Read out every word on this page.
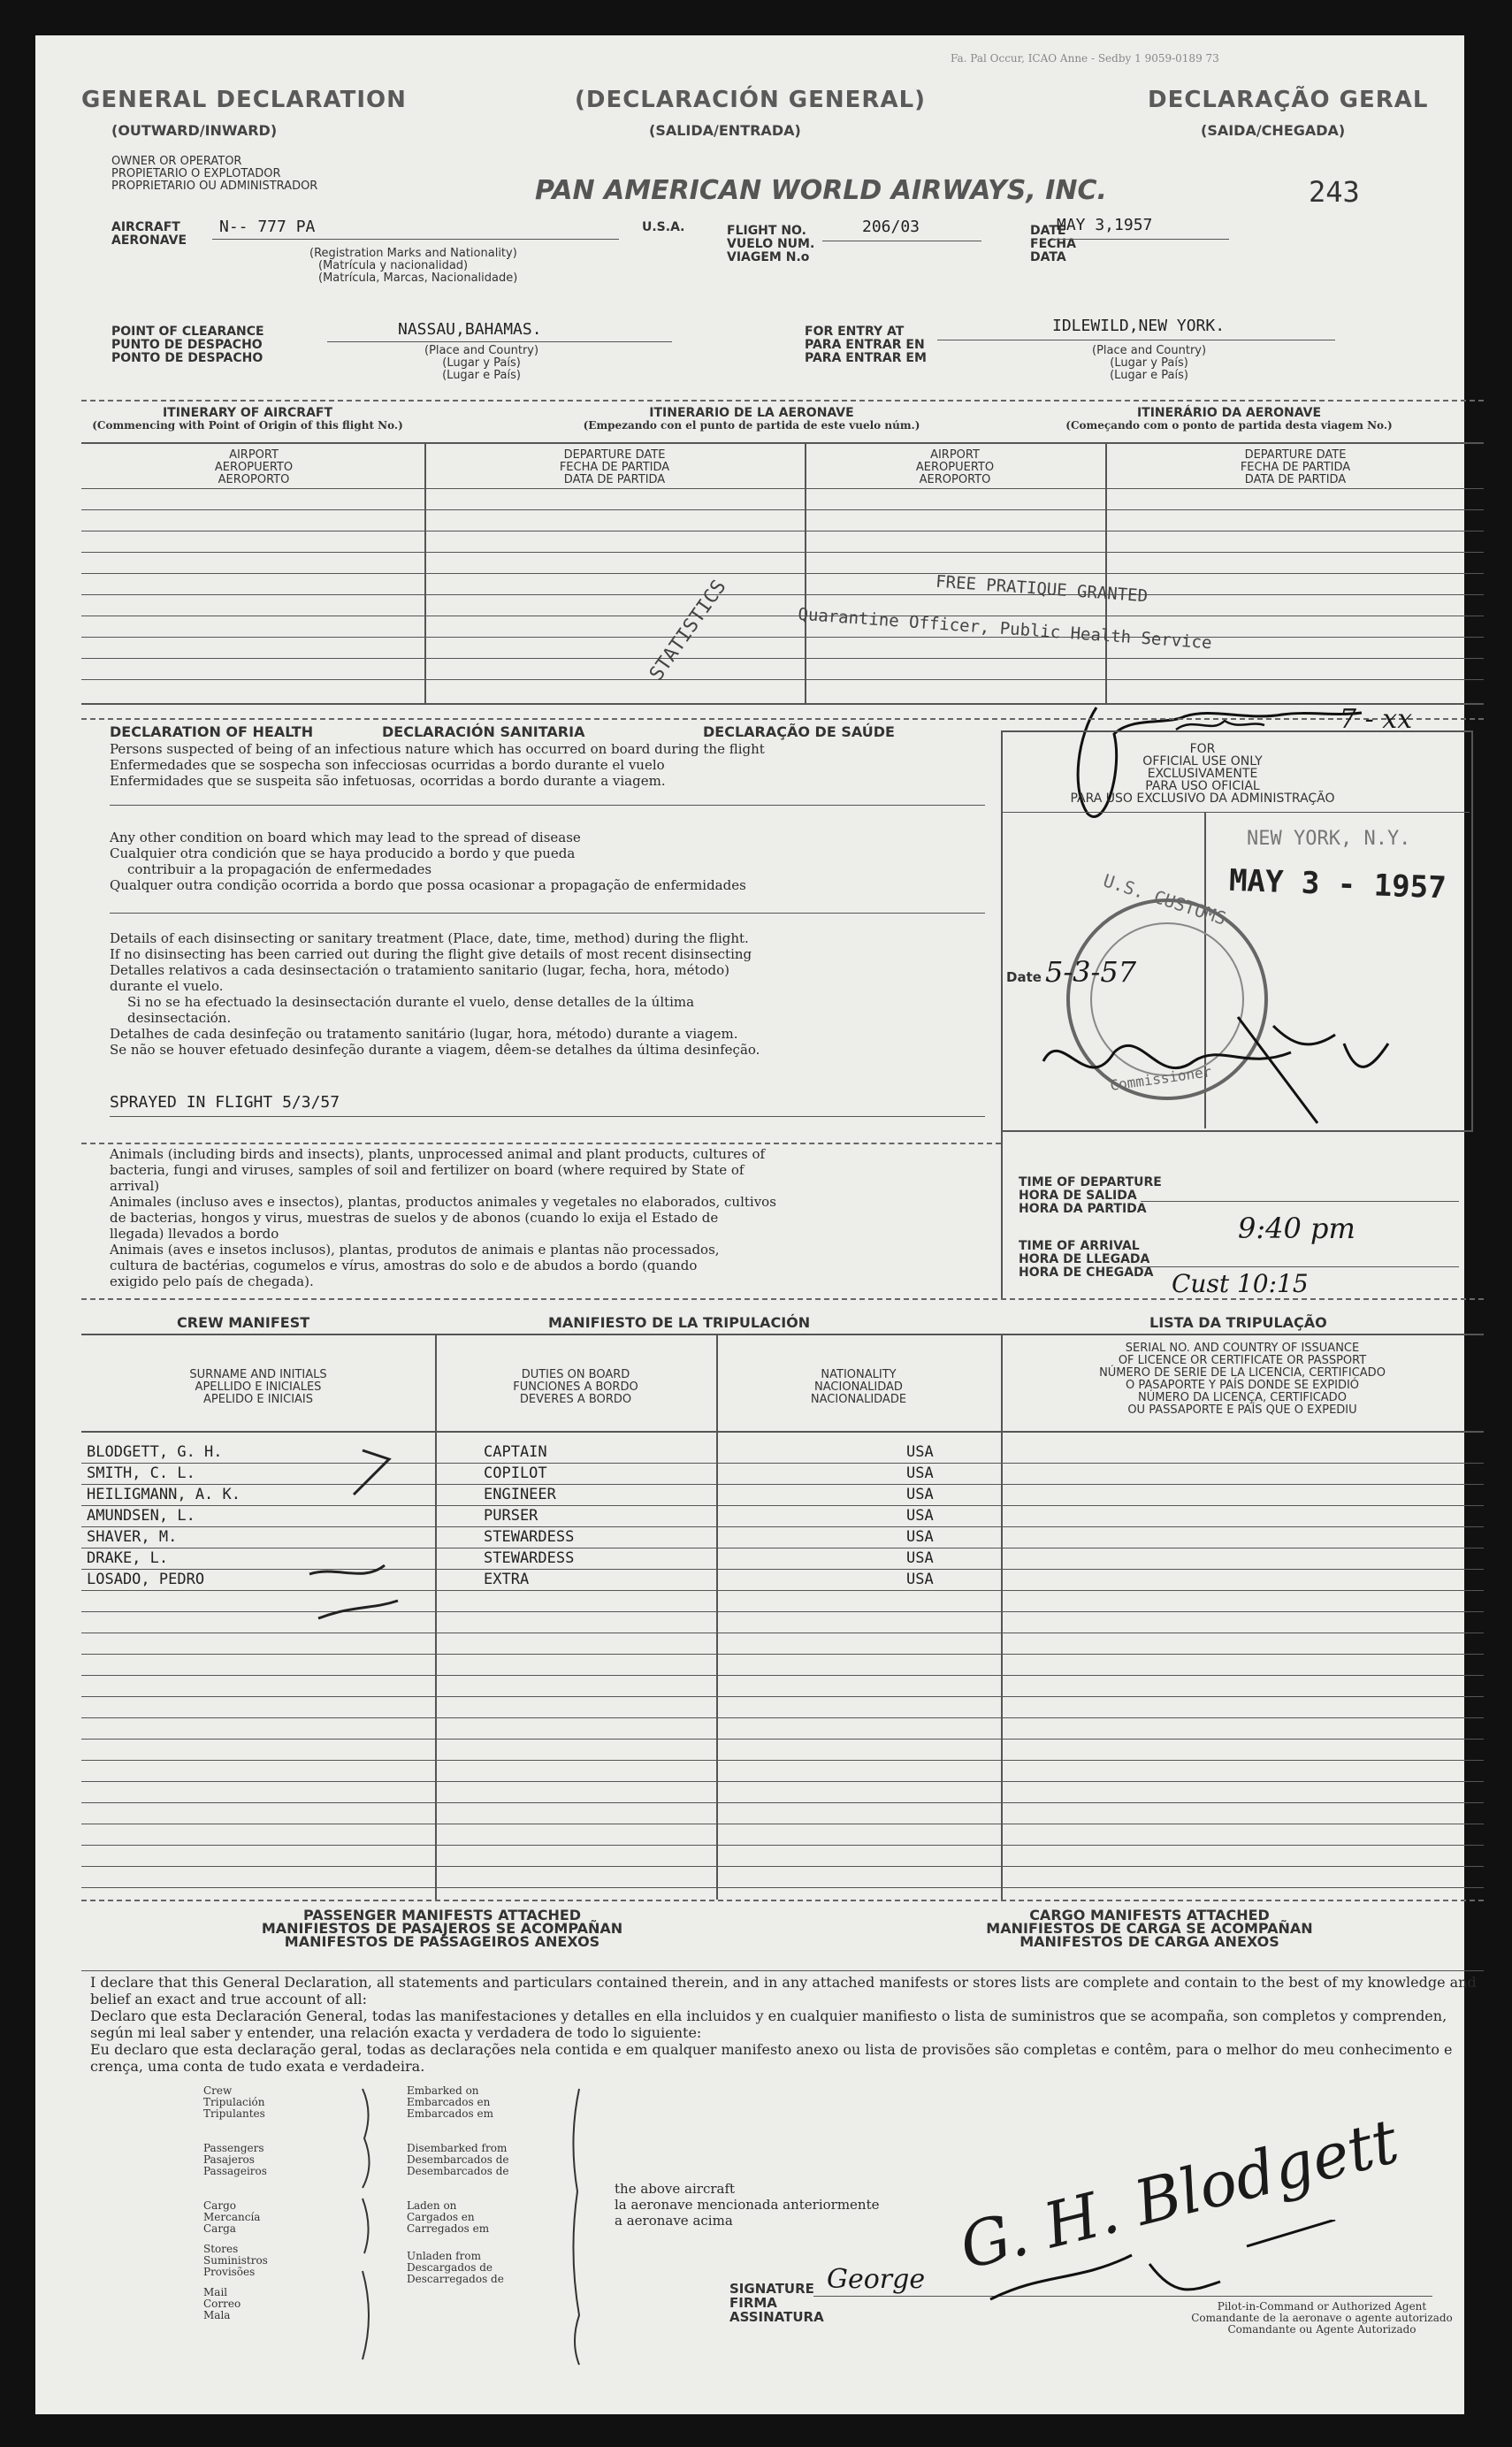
Fa. Pal Occur, ICAO Anne - Sedby 1 9059-0189 73
GENERAL DECLARATION	(DECLARACIÓN GENERAL)	DECLARAÇÃO GERAL
(OUTWARD/INWARD)	(SALIDA/ENTRADA)	(SAIDA/CHEGADA)
OWNER OR OPERATOR
PROPIETARIO O EXPLOTADOR
PROPRIETARIO OU ADMINISTRADOR	PAN AMERICAN WORLD AIRWAYS, INC.	243
AIRCRAFT
AERONAVE
N-- 777 PA
(Registration Marks and Nationality)
(Matrícula y nacionalidad)
(Matrícula, Marcas, Nacionalidade)
U.S.A.	FLIGHT NO.
VUELO NUM.
VIAGEM N.o
206/03	DATE
FECHA
DATA
MAY 3,1957
POINT OF CLEARANCE
PUNTO DE DESPACHO
PONTO DE DESPACHO
NASSAU,BAHAMAS.
(Place and Country)
(Lugar y País)
(Lugar e País)
FOR ENTRY AT
PARA ENTRAR EN
PARA ENTRAR EM
IDLEWILD,NEW YORK.
(Place and Country)
(Lugar y País)
(Lugar e País)
ITINERARY OF AIRCRAFT
(Commencing with Point of Origin of this flight No.)
ITINERARIO DE LA AERONAVE
(Empezando con el punto de partida de este vuelo núm.)
ITINERÁRIO DA AERONAVE
(Começando com o ponto de partida desta viagem No.)
AIRPORT
AEROPUERTO
AEROPORTO
DEPARTURE DATE
FECHA DE PARTIDA
DATA DE PARTIDA
AIRPORT
AEROPUERTO
AEROPORTO
DEPARTURE DATE
FECHA DE PARTIDA
DATA DE PARTIDA
STATISTICS	FREE PRATIQUE GRANTED
Quarantine Officer, Public Health Service
DECLARATION OF HEALTH	DECLARACIÓN SANITARIA	DECLARAÇÃO DE SAÚDE
Persons suspected of being of an infectious nature which has occurred on board during the flight
Enfermedades que se sospecha son infecciosas ocurridas a bordo durante el vuelo
Enfermidades que se suspeita são infetuosas, ocorridas a bordo durante a viagem.
Any other condition on board which may lead to the spread of disease
Cualquier otra condición que se haya producido a bordo y que pueda
contribuir a la propagación de enfermedades
Qualquer outra condição ocorrida a bordo que possa ocasionar a propagação de enfermidades
Details of each disinsecting or sanitary treatment (Place, date, time, method) during the flight.
If no disinsecting has been carried out during the flight give details of most recent disinsecting
Detalles relativos a cada desinsectación o tratamiento sanitario (lugar, fecha, hora, método)
durante el vuelo.
Si no se ha efectuado la desinsectación durante el vuelo, dense detalles de la última
desinsectación.
Detalhes de cada desinfeção ou tratamento sanitário (lugar, hora, método) durante a viagem.
Se não se houver efetuado desinfeção durante a viagem, dêem-se detalhes da última desinfeção.
SPRAYED IN FLIGHT 5/3/57
Animals (including birds and insects), plants, unprocessed animal and plant products, cultures of
bacteria, fungi and viruses, samples of soil and fertilizer on board (where required by State of
arrival)
Animales (incluso aves e insectos), plantas, productos animales y vegetales no elaborados, cultivos
de bacterias, hongos y virus, muestras de suelos y de abonos (cuando lo exija el Estado de
llegada) llevados a bordo
Animais (aves e insetos inclusos), plantas, produtos de animais e plantas não processados,
cultura de bactérias, cogumelos e vírus, amostras do solo e de abudos a bordo (quando
exigido pelo país de chegada).
FOR
OFFICIAL USE ONLY
EXCLUSIVAMENTE
PARA USO OFICIAL
PARA USO EXCLUSIVO DA ADMINISTRAÇÃO
7 - xx
NEW YORK, N.Y.
MAY 3 - 1957
U.S. CUSTOMS
Commissioner
Date 5-3-57
TIME OF DEPARTURE
HORA DE SALIDA
HORA DA PARTIDA
TIME OF ARRIVAL
HORA DE LLEGADA
HORA DE CHEGADA
9:40 pm
Cust 10:15
CREW MANIFEST	MANIFIESTO DE LA TRIPULACIÓN	LISTA DA TRIPULAÇÃO
SURNAME AND INITIALS
APELLIDO E INICIALES
APELIDO E INICIAIS
DUTIES ON BOARD
FUNCIONES A BORDO
DEVERES A BORDO
NATIONALITY
NACIONALIDAD
NACIONALIDADE
SERIAL NO. AND COUNTRY OF ISSUANCE
OF LICENCE OR CERTIFICATE OR PASSPORT
NÚMERO DE SERIE DE LA LICENCIA, CERTIFICADO
O PASAPORTE Y PAÍS DONDE SE EXPIDIÓ
NÚMERO DA LICENÇA, CERTIFICADO
OU PASSAPORTE E PAÍS QUE O EXPEDIU
BLODGETT, G. H.	CAPTAIN	USA
SMITH, C. L.	COPILOT	USA
HEILIGMANN, A. K.	ENGINEER	USA
AMUNDSEN, L.	PURSER	USA
SHAVER, M.	STEWARDESS	USA
DRAKE, L.	STEWARDESS	USA
LOSADO, PEDRO	EXTRA	USA
PASSENGER MANIFESTS ATTACHED
MANIFIESTOS DE PASAJEROS SE ACOMPAÑAN
MANIFESTOS DE PASSAGEIROS ANEXOS
CARGO MANIFESTS ATTACHED
MANIFIESTOS DE CARGA SE ACOMPAÑAN
MANIFESTOS DE CARGA ANEXOS
I declare that this General Declaration, all statements and particulars contained therein, and in any attached manifests or stores lists are complete and contain to the best of my knowledge and belief an exact and true account of all:
Declaro que esta Declaración General, todas las manifestaciones y detalles en ella incluidos y en cualquier manifiesto o lista de suministros que se acompaña, son completos y comprenden, según mi leal saber y entender, una relación exacta y verdadera de todo lo siguiente:
Eu declaro que esta declaração geral, todas as declarações nela contida e em qualquer manifesto anexo ou lista de provisões são completas e contêm, para o melhor do meu conhecimento e crença, uma conta de tudo exata e verdadeira.
Crew
Tripulación
Tripulantes
Passengers
Pasajeros
Passageiros
Cargo
Mercancía
Carga
Stores
Suministros
Provisões
Mail
Correo
Mala
Embarked on
Embarcados en
Embarcados em
Disembarked from
Desembarcados de
Desembarcados de
Laden on
Cargados en
Carregados em
Unladen from
Descargados de
Descarregados de
the above aircraft
la aeronave mencionada anteriormente
a aeronave acima
SIGNATURE
FIRMA
ASSINATURA
George G. H. Blodgett
Pilot-in-Command or Authorized Agent
Comandante de la aeronave o agente autorizado
Comandante ou Agente Autorizado
